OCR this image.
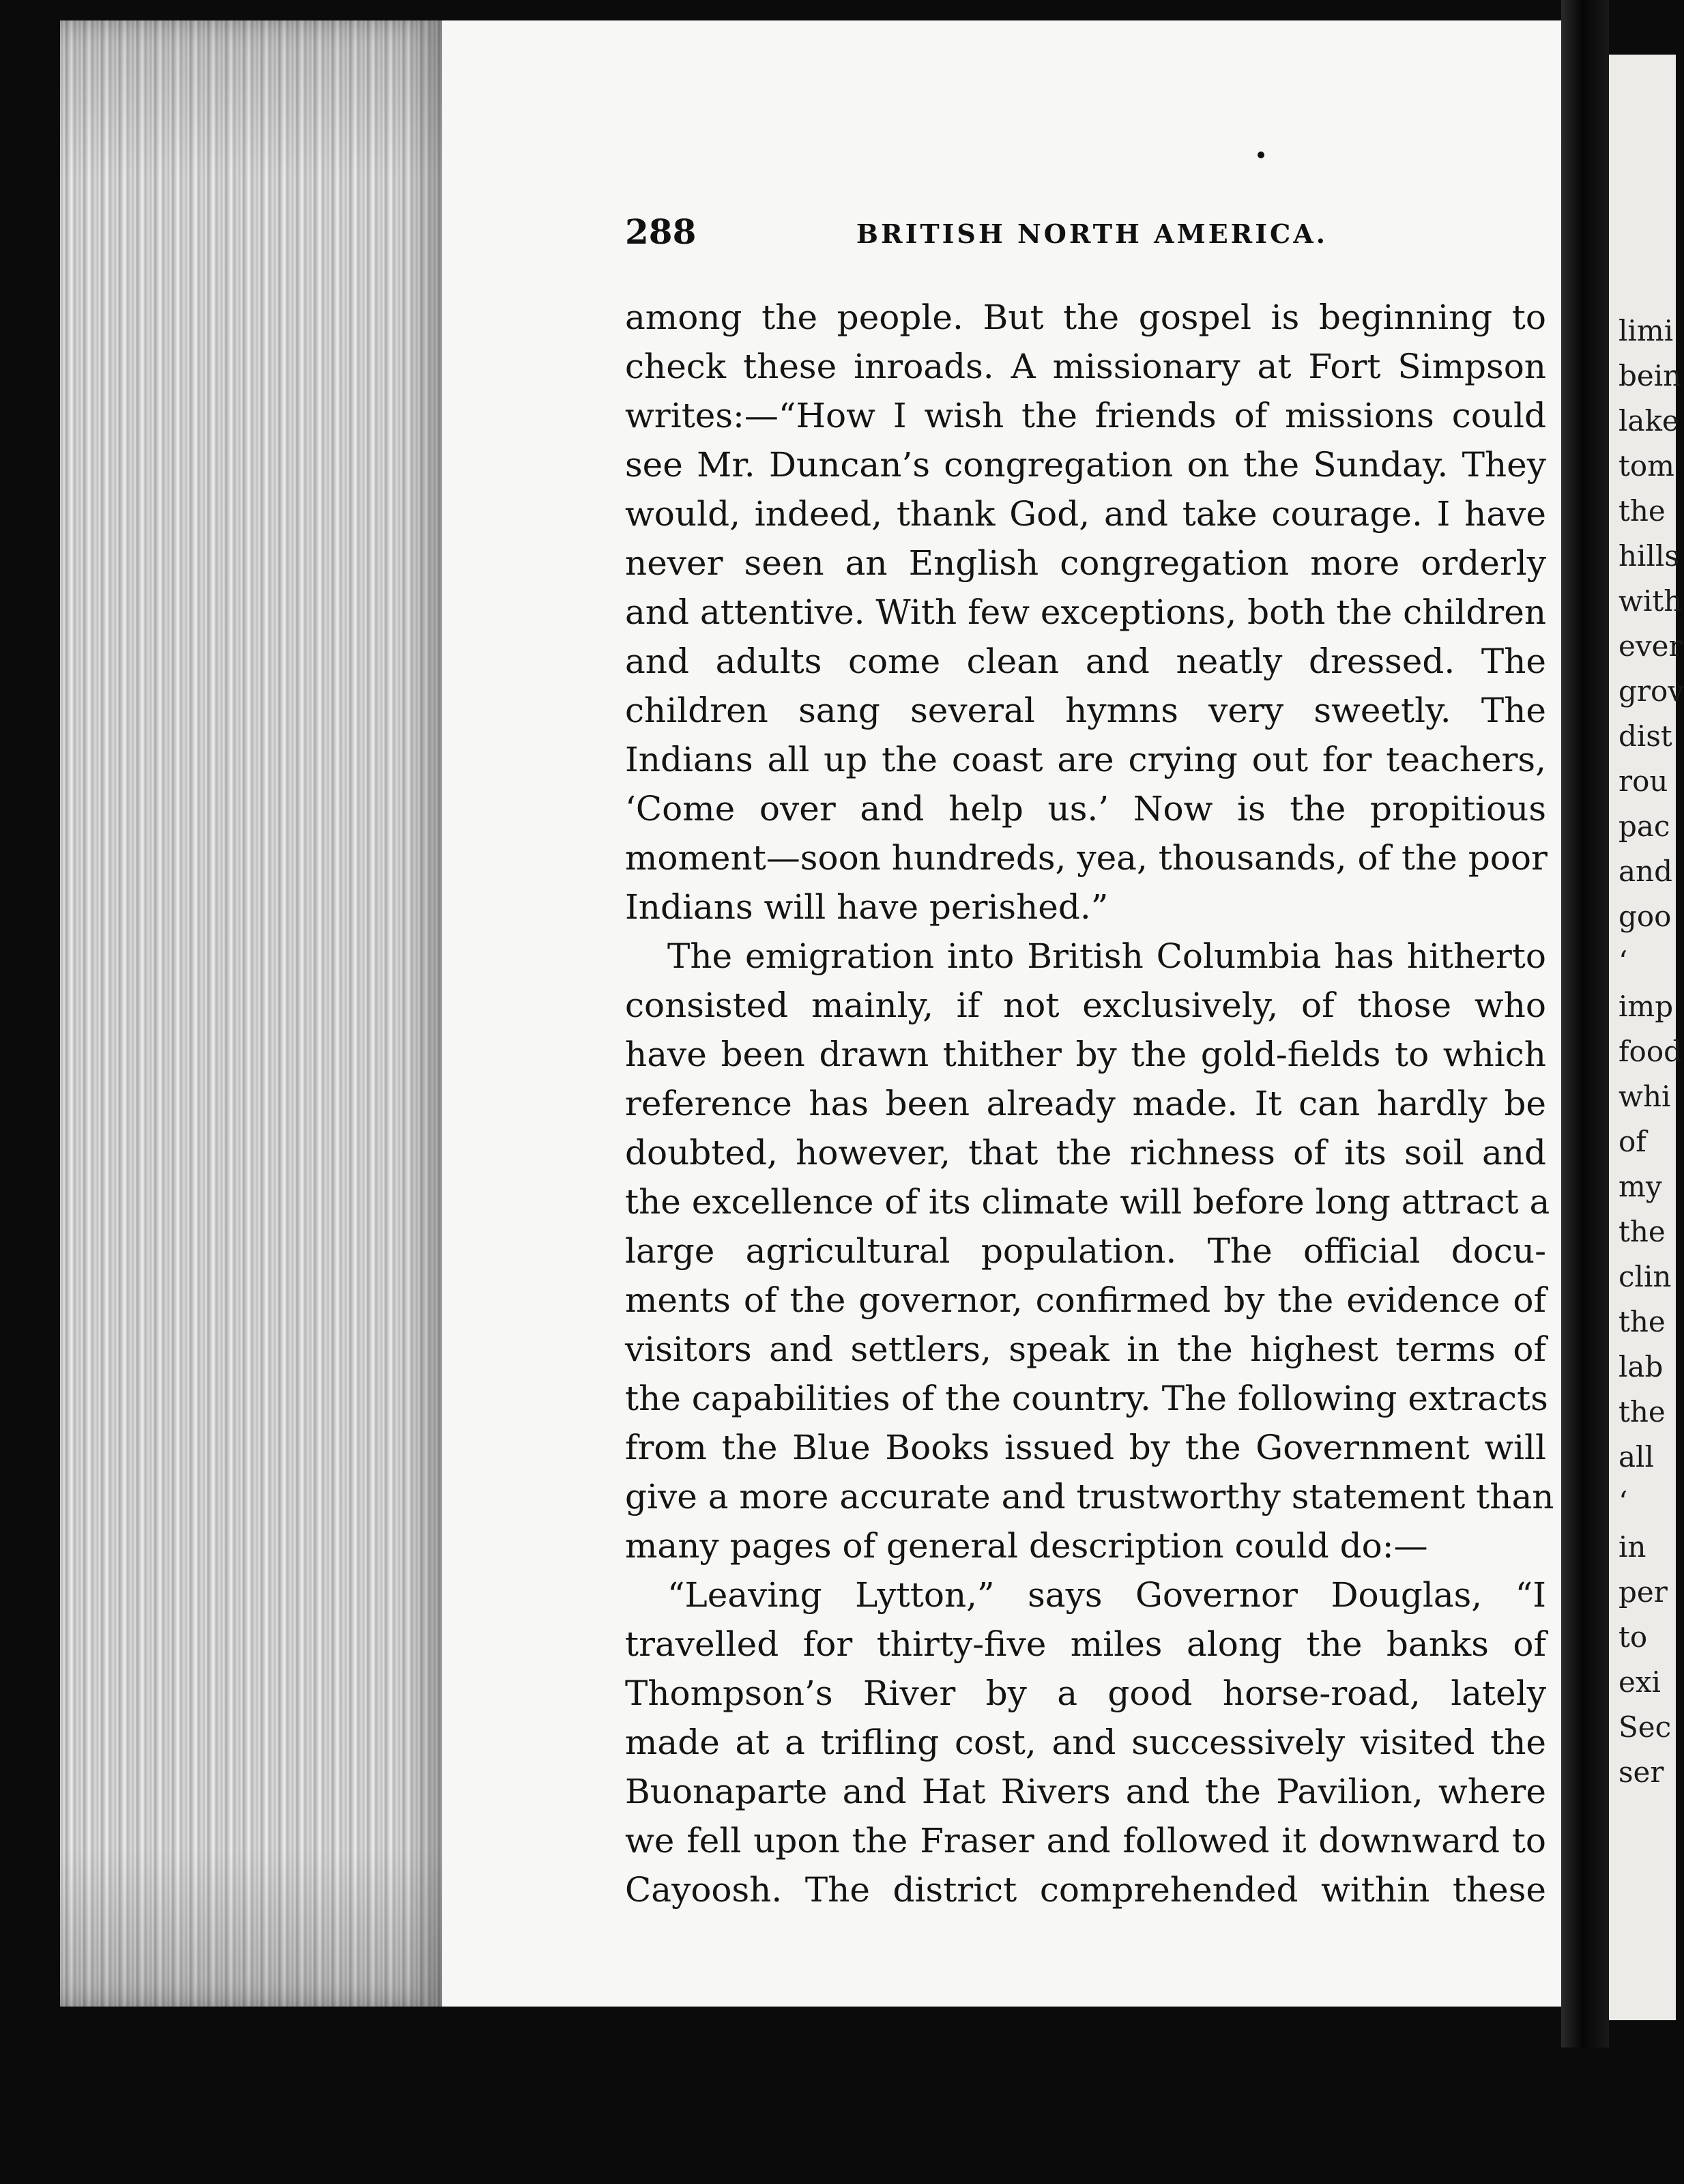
288	BRITISH NORTH AMERICA.
among the people. But the gospel is beginning to
check these inroads. A missionary at Fort Simpson
writes:—“How I wish the friends of missions could
see Mr. Duncan’s congregation on the Sunday. They
would, indeed, thank God, and take courage. I have
never seen an English congregation more orderly
and attentive. With few exceptions, both the children
and adults come clean and neatly dressed. The
children sang several hymns very sweetly. The
Indians all up the coast are crying out for teachers,
‘Come over and help us.’ Now is the propitious
moment—soon hundreds, yea, thousands, of the poor
Indians will have perished.”
The emigration into British Columbia has hitherto
consisted mainly, if not exclusively, of those who
have been drawn thither by the gold-fields to which
reference has been already made. It can hardly be
doubted, however, that the richness of its soil and
the excellence of its climate will before long attract a
large agricultural population. The official docu-
ments of the governor, confirmed by the evidence of
visitors and settlers, speak in the highest terms of
the capabilities of the country. The following extracts
from the Blue Books issued by the Government will
give a more accurate and trustworthy statement than
many pages of general description could do:—
“Leaving Lytton,” says Governor Douglas, “I
travelled for thirty-five miles along the banks of
Thompson’s River by a good horse-road, lately
made at a trifling cost, and successively visited the
Buonaparte and Hat Rivers and the Pavilion, where
we fell upon the Fraser and followed it downward to
Cayoosh. The district comprehended within these
limi
bein
lake
tom
the
hills
with
ever
grov
dist
rou
pac
and
goo
‘
imp
food
whi
of
my
the
clin
the
lab
the
all
‘
in
per
to
exi
Sec
ser
